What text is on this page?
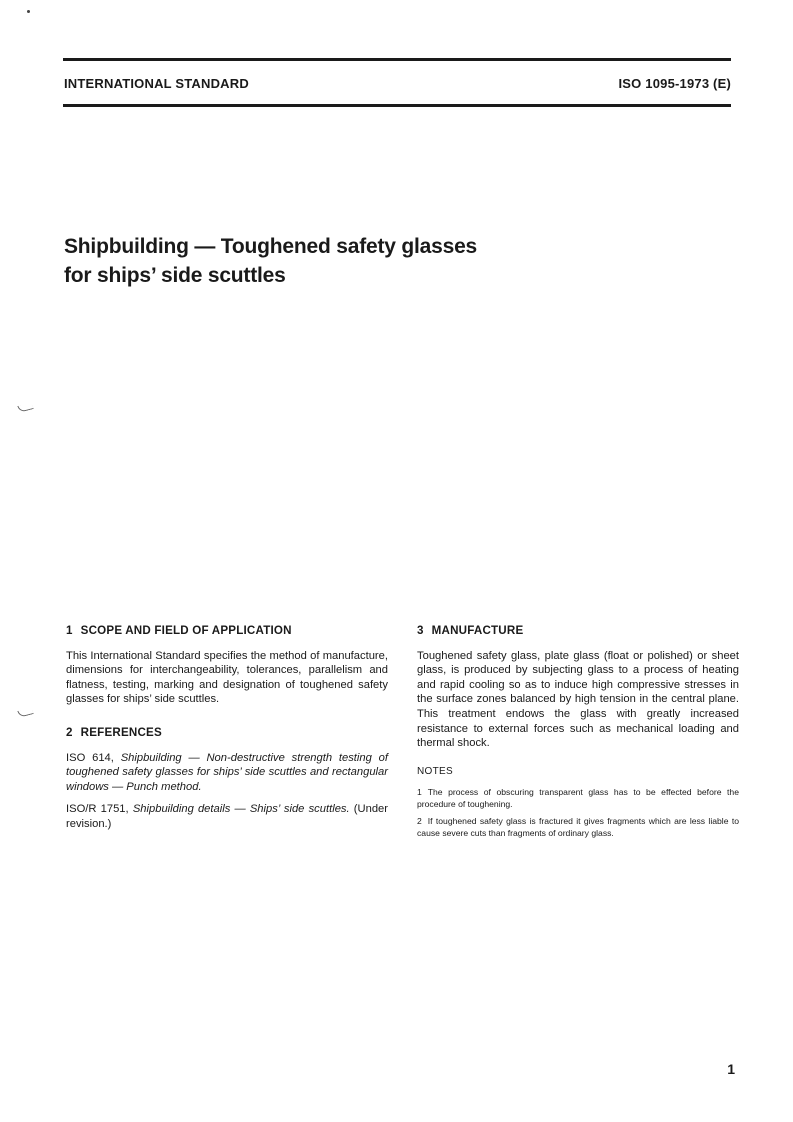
INTERNATIONAL STANDARD	ISO 1095-1973 (E)
Shipbuilding — Toughened safety glasses
for ships’ side scuttles
1 SCOPE AND FIELD OF APPLICATION

This International Standard specifies the method of manufacture, dimensions for interchangeability, tolerances, parallelism and flatness, testing, marking and designation of toughened safety glasses for ships’ side scuttles.

2 REFERENCES

ISO 614, Shipbuilding — Non-destructive strength testing of toughened safety glasses for ships’ side scuttles and rectangular windows — Punch method.

ISO/R 1751, Shipbuilding details — Ships’ side scuttles. (Under revision.)

3 MANUFACTURE

Toughened safety glass, plate glass (float or polished) or sheet glass, is produced by subjecting glass to a process of heating and rapid cooling so as to induce high compressive stresses in the surface zones balanced by high tension in the central plane. This treatment endows the glass with greatly increased resistance to external forces such as mechanical loading and thermal shock.

NOTES

1 The process of obscuring transparent glass has to be effected before the procedure of toughening.

2 If toughened safety glass is fractured it gives fragments which are less liable to cause severe cuts than fragments of ordinary glass.

1
